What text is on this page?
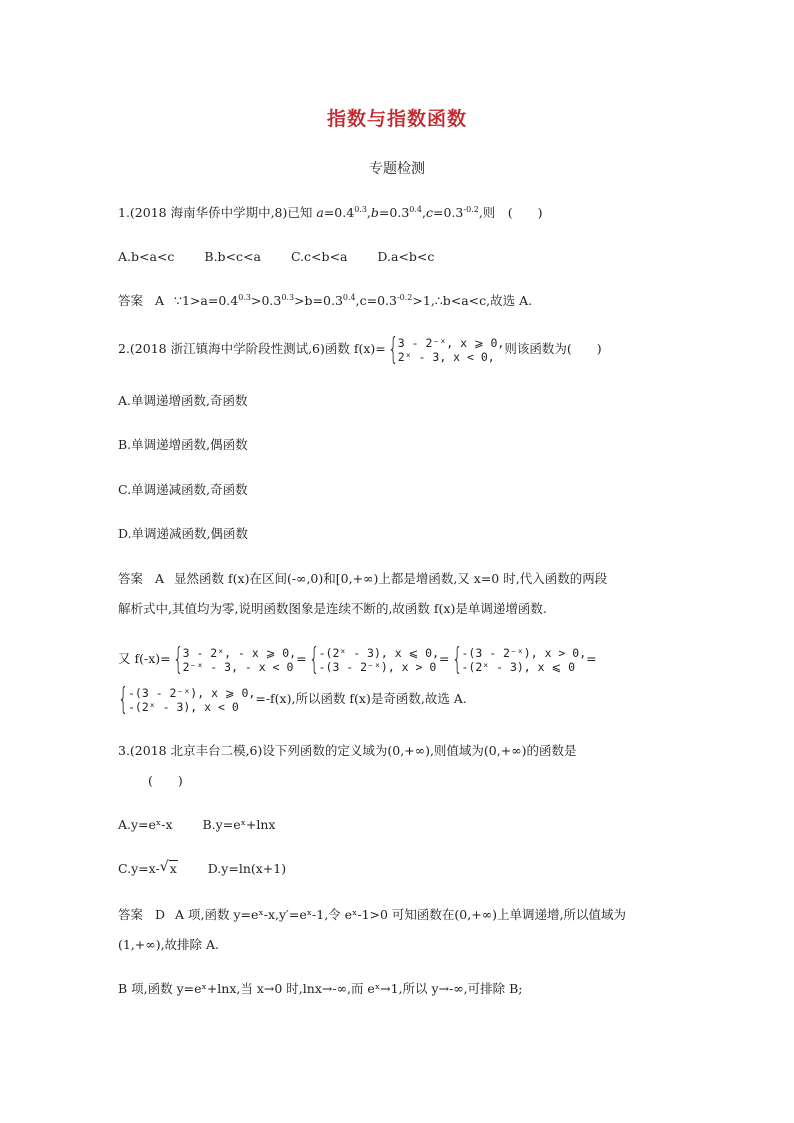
指数与指数函数
专题检测
1.(2018 海南华侨中学期中,8)已知 $a=0.4^{0.3},b=0.3^{0.4},c=0.3^{-0.2}$,则　(　　)
A.b<a<c B.b<c<a C.c<b<a D.a<b<c
答案 A $\because 1>a=0.4^{0.3}>0.3^{0.3}>b=0.3^{0.4},c=0.3^{-0.2}>1,\therefore b<a<c$,故选 A.
2.(2018 浙江镇海中学阶段性测试,6)函数 f(x)={ 3 - 2⁻ˣ, x ⩾ 0,
2ˣ - 3, x < 0,
则该函数为(　　)
A.单调递增函数,奇函数
B.单调递增函数,偶函数
C.单调递减函数,奇函数
D.单调递减函数,偶函数
答案 A 显然函数 f(x)在区间(-∞,0)和[0,+∞)上都是增函数,又 x=0 时,代入函数的两段
解析式中,其值均为零,说明函数图象是连续不断的,故函数 f(x)是单调递增函数.
又 f(-x)={ 3 - 2ˣ, - x ⩾ 0,
2⁻ˣ - 3, - x < 0
={ -(2ˣ - 3), x ⩽ 0,
-(3 - 2⁻ˣ), x > 0
={ -(3 - 2⁻ˣ), x > 0,
-(2ˣ - 3), x ⩽ 0
=
{ -(3 - 2⁻ˣ), x ⩾ 0,
-(2ˣ - 3), x < 0
=-f(x),所以函数 f(x)是奇函数,故选 A.
3.(2018 北京丰台二模,6)设下列函数的定义域为(0,+∞),则值域为(0,+∞)的函数是
(　　)
A.y=eˣ-x B.y=eˣ+lnx
C.y=x- √ x D.y=ln(x+1)
答案 D A 项,函数 y=eˣ-x,y′=eˣ-1,令 eˣ-1>0 可知函数在(0,+∞)上单调递增,所以值域为
(1,+∞),故排除 A.
B 项,函数 y=eˣ+lnx,当 x→0 时,lnx→-∞,而 eˣ→1,所以 y→-∞,可排除 B;
